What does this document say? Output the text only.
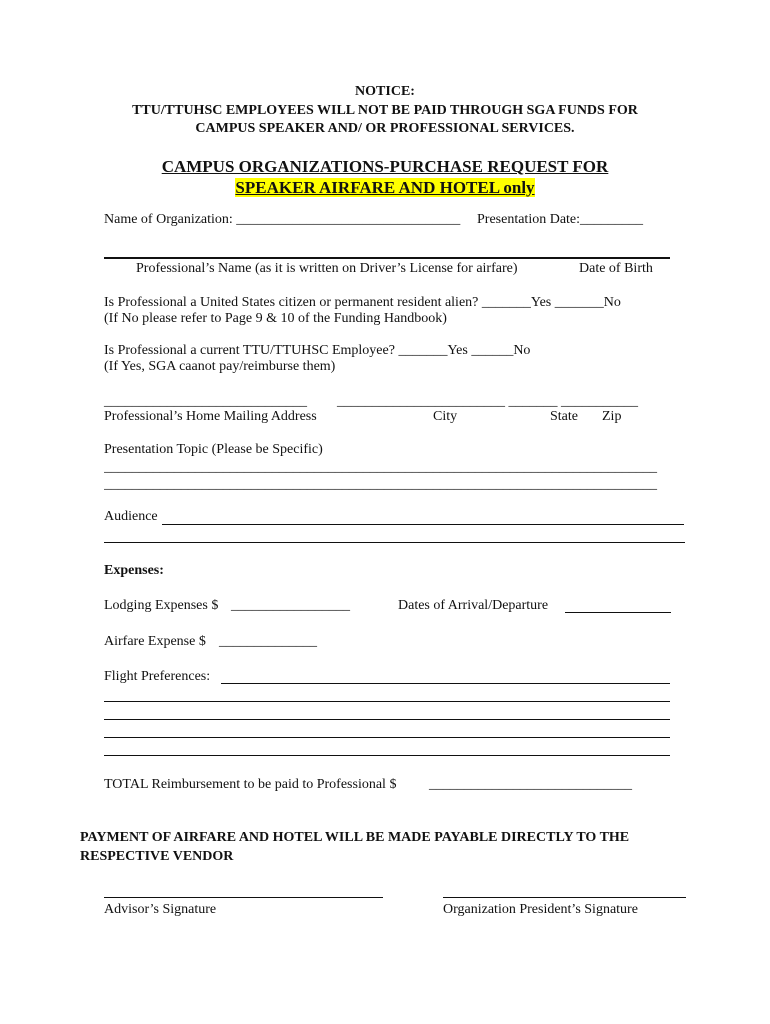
NOTICE:
TTU/TTUHSC EMPLOYEES WILL NOT BE PAID THROUGH SGA FUNDS FOR
CAMPUS SPEAKER AND/ OR PROFESSIONAL SERVICES.
CAMPUS ORGANIZATIONS-PURCHASE REQUEST FOR
SPEAKER AIRFARE AND HOTEL only
Name of Organization: ________________________________ Presentation Date:_________
Professional’s Name (as it is written on Driver’s License for airfare)	Date of Birth
Is Professional a United States citizen or permanent resident alien? _______Yes _______No
(If No please refer to Page 9 & 10 of the Funding Handbook)
Is Professional a current TTU/TTUHSC Employee? _______Yes ______No
(If Yes, SGA caanot pay/reimburse them)
_____________________________ ________________________ _______ ___________
Professional’s Home Mailing Address	City	State Zip
Presentation Topic (Please be Specific)
_______________________________________________________________________________
_______________________________________________________________________________
Audience
Expenses:
Lodging Expenses $ _________________	Dates of Arrival/Departure
Airfare Expense $ ______________
Flight Preferences:
TOTAL Reimbursement to be paid to Professional $ _____________________________
PAYMENT OF AIRFARE AND HOTEL WILL BE MADE PAYABLE DIRECTLY TO THE
RESPECTIVE VENDOR
Advisor’s Signature	Organization President’s Signature
